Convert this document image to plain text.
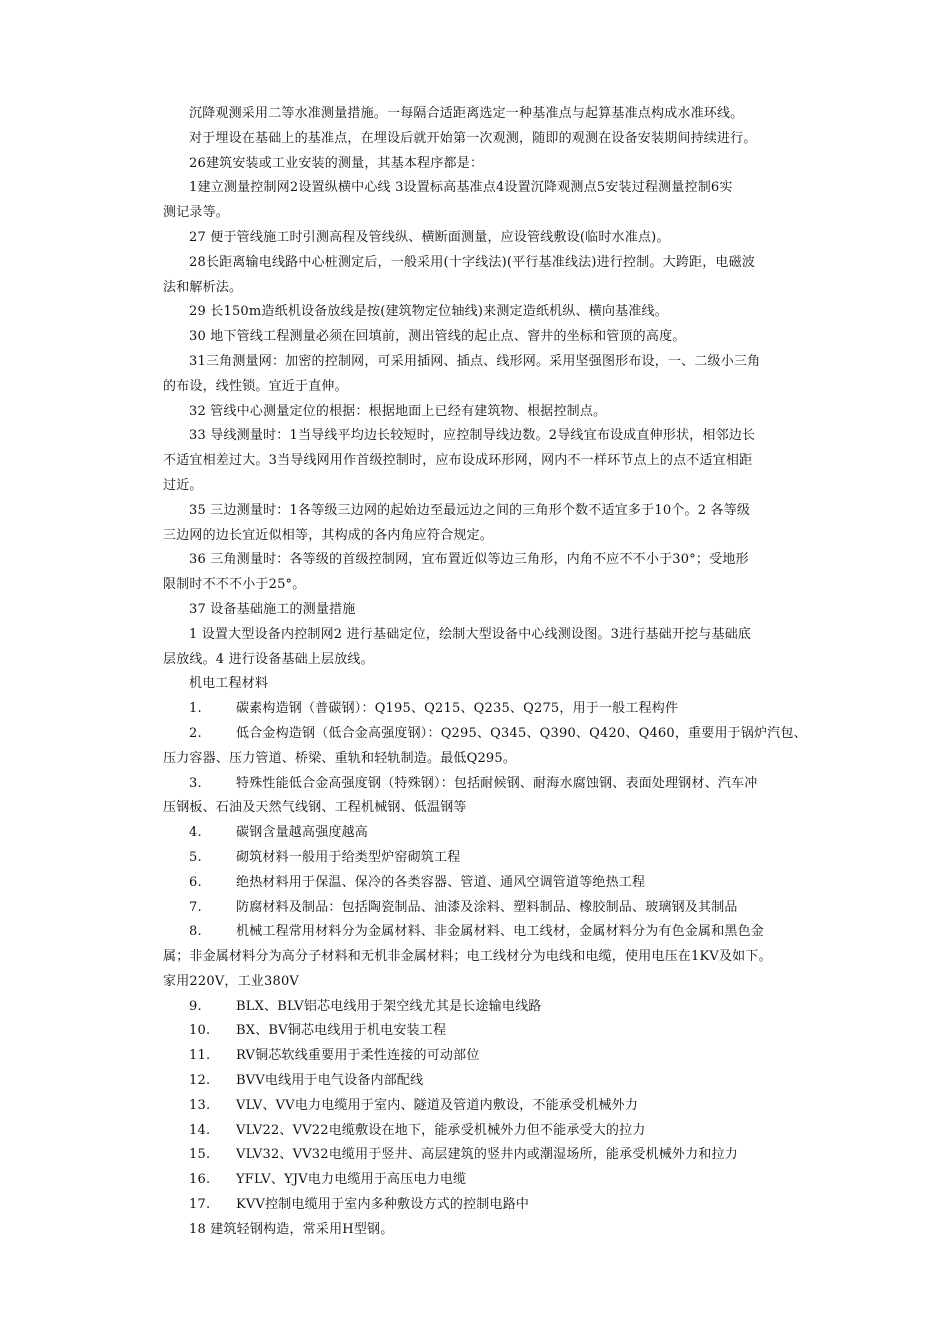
沉降观测采用二等水准测量措施。一每隔合适距离选定一种基准点与起算基准点构成水准环线。
对于埋设在基础上的基准点，在埋设后就开始第一次观测，随即的观测在设备安装期间持续进行。
26建筑安装或工业安装的测量，其基本程序都是：
1建立测量控制网2设置纵横中心线 3设置标高基准点4设置沉降观测点5安装过程测量控制6实
测记录等。
27 便于管线施工时引测高程及管线纵、横断面测量，应设管线敷设(临时水准点)。
28长距离输电线路中心桩测定后，一般采用(十字线法)(平行基准线法)进行控制。大跨距，电磁波
法和解析法。
29 长150m造纸机设备放线是按(建筑物定位轴线)来测定造纸机纵、横向基准线。
30 地下管线工程测量必须在回填前，测出管线的起止点、窨井的坐标和管顶的高度。
31三角测量网：加密的控制网，可采用插网、插点、线形网。采用坚强图形布设，一、二级小三角
的布设，线性锁。宜近于直伸。
32 管线中心测量定位的根据：根据地面上已经有建筑物、根据控制点。
33 导线测量时：1当导线平均边长较短时，应控制导线边数。2导线宜布设成直伸形状，相邻边长
不适宜相差过大。3当导线网用作首级控制时，应布设成环形网，网内不一样环节点上的点不适宜相距
过近。
35 三边测量时：1各等级三边网的起始边至最远边之间的三角形个数不适宜多于10个。2 各等级
三边网的边长宜近似相等，其构成的各内角应符合规定。
36 三角测量时：各等级的首级控制网，宜布置近似等边三角形，内角不应不不小于30°；受地形
限制时不不不小于25°。
37 设备基础施工的测量措施
1 设置大型设备内控制网2 进行基础定位，绘制大型设备中心线测设图。3进行基础开挖与基础底
层放线。4 进行设备基础上层放线。
机电工程材料
1.	碳素构造钢（普碳钢）：Q195、Q215、Q235、Q275，用于一般工程构件
2.	低合金构造钢（低合金高强度钢）：Q295、Q345、Q390、Q420、Q460，重要用于锅炉汽包、
压力容器、压力管道、桥梁、重轨和轻轨制造。最低Q295。
3.	特殊性能低合金高强度钢（特殊钢）：包括耐候钢、耐海水腐蚀钢、表面处理钢材、汽车冲
压钢板、石油及天然气线钢、工程机械钢、低温钢等
4.	碳钢含量越高强度越高
5.	砌筑材料一般用于给类型炉窑砌筑工程
6.	绝热材料用于保温、保冷的各类容器、管道、通风空调管道等绝热工程
7.	防腐材料及制品：包括陶瓷制品、油漆及涂料、塑料制品、橡胶制品、玻璃钢及其制品
8.	机械工程常用材料分为金属材料、非金属材料、电工线材，金属材料分为有色金属和黑色金
属；非金属材料分为高分子材料和无机非金属材料；电工线材分为电线和电缆，使用电压在1KV及如下。
家用220V，工业380V
9.	BLX、BLV铝芯电线用于架空线尤其是长途输电线路
10. BX、BV铜芯电线用于机电安装工程
11. RV铜芯软线重要用于柔性连接的可动部位
12. BVV电线用于电气设备内部配线
13. VLV、VV电力电缆用于室内、隧道及管道内敷设，不能承受机械外力
14. VLV22、VV22电缆敷设在地下，能承受机械外力但不能承受大的拉力
15. VLV32、VV32电缆用于竖井、高层建筑的竖井内或潮湿场所，能承受机械外力和拉力
16. YFLV、YJV电力电缆用于高压电力电缆
17. KVV控制电缆用于室内多种敷设方式的控制电路中
18 建筑轻钢构造，常采用H型钢。
